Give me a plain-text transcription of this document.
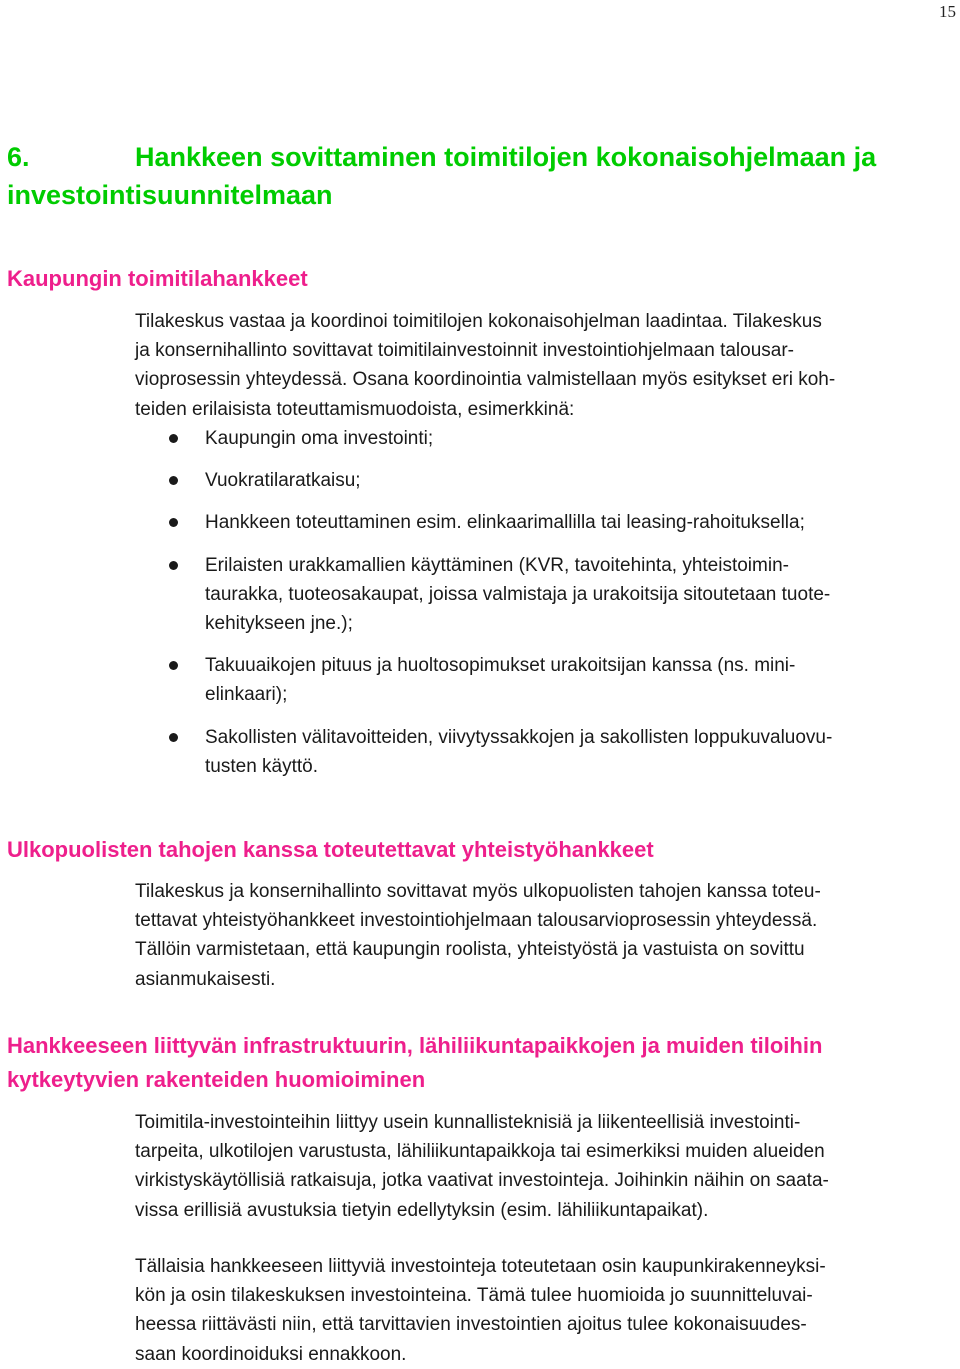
15
6.	Hankkeen sovittaminen toimitilojen kokonaisohjelmaan ja
investointisuunnitelmaan
Kaupungin toimitilahankkeet
Tilakeskus vastaa ja koordinoi toimitilojen kokonaisohjelman laadintaa. Tilakeskus
ja konsernihallinto sovittavat toimitilainvestoinnit investointiohjelmaan talousar-
vioprosessin yhteydessä. Osana koordinointia valmistellaan myös esitykset eri koh-
teiden erilaisista toteuttamismuodoista, esimerkkinä:
Kaupungin oma investointi;
Vuokratilaratkaisu;
Hankkeen toteuttaminen esim. elinkaarimallilla tai leasing-rahoituksella;
Erilaisten urakkamallien käyttäminen (KVR, tavoitehinta, yhteistoimin-
taurakka, tuoteosakaupat, joissa valmistaja ja urakoitsija sitoutetaan tuote-
kehitykseen jne.);
Takuuaikojen pituus ja huoltosopimukset urakoitsijan kanssa (ns. mini-
elinkaari);
Sakollisten välitavoitteiden, viivytyssakkojen ja sakollisten loppukuvaluovu-
tusten käyttö.
Ulkopuolisten tahojen kanssa toteutettavat yhteistyöhankkeet
Tilakeskus ja konsernihallinto sovittavat myös ulkopuolisten tahojen kanssa toteu-
tettavat yhteistyöhankkeet investointiohjelmaan talousarvioprosessin yhteydessä.
Tällöin varmistetaan, että kaupungin roolista, yhteistyöstä ja vastuista on sovittu
asianmukaisesti.
Hankkeeseen liittyvän infrastruktuurin, lähiliikuntapaikkojen ja muiden tiloihin
kytkeytyvien rakenteiden huomioiminen
Toimitila-investointeihin liittyy usein kunnallisteknisiä ja liikenteellisiä investointi-
tarpeita, ulkotilojen varustusta, lähiliikuntapaikkoja tai esimerkiksi muiden alueiden
virkistyskäytöllisiä ratkaisuja, jotka vaativat investointeja. Joihinkin näihin on saata-
vissa erillisiä avustuksia tietyin edellytyksin (esim. lähiliikuntapaikat).
Tällaisia hankkeeseen liittyviä investointeja toteutetaan osin kaupunkirakenneyksi-
kön ja osin tilakeskuksen investointeina. Tämä tulee huomioida jo suunnitteluvai-
heessa riittävästi niin, että tarvittavien investointien ajoitus tulee kokonaisuudes-
saan koordinoiduksi ennakkoon.
